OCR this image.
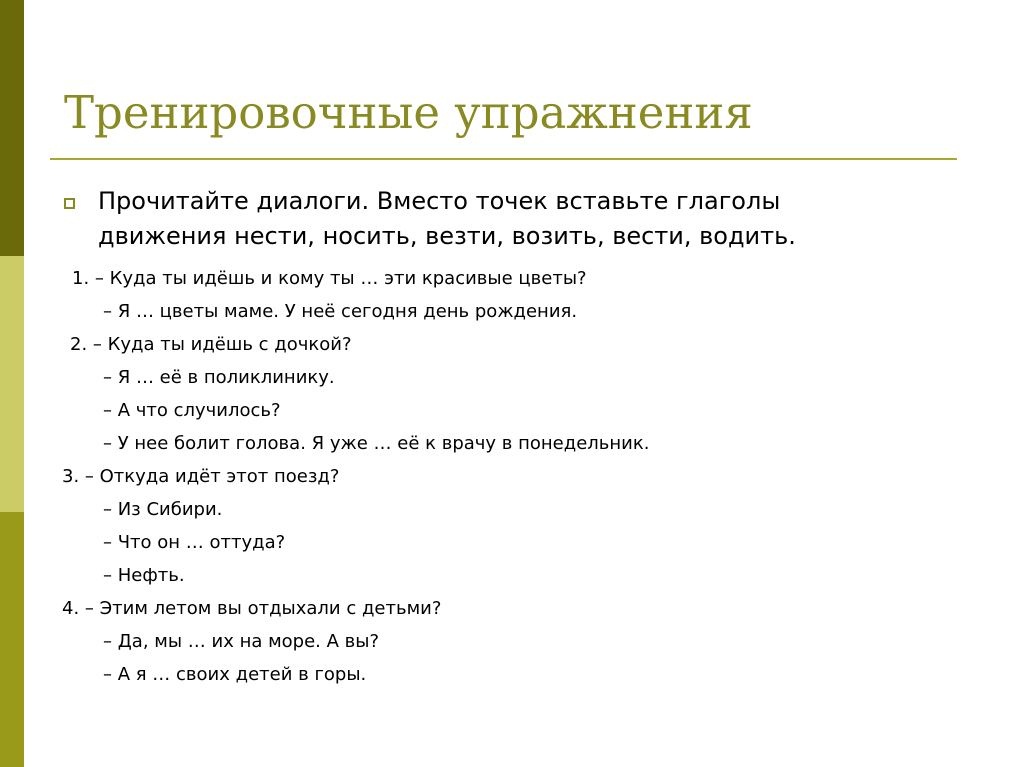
Тренировочные упражнения
Прочитайте диалоги. Вместо точек вставьте глаголы
движения нести, носить, везти, возить, вести, водить.
1. – Куда ты идёшь и кому ты … эти красивые цветы?
– Я … цветы маме. У неё сегодня день рождения.
2. – Куда ты идёшь с дочкой?
– Я … её в поликлинику.
– А что случилось?
– У нее болит голова. Я уже … её к врачу в понедельник.
3. – Откуда идёт этот поезд?
– Из Сибири.
– Что он … оттуда?
– Нефть.
4. – Этим летом вы отдыхали с детьми?
– Да, мы … их на море. А вы?
– А я … своих детей в горы.
